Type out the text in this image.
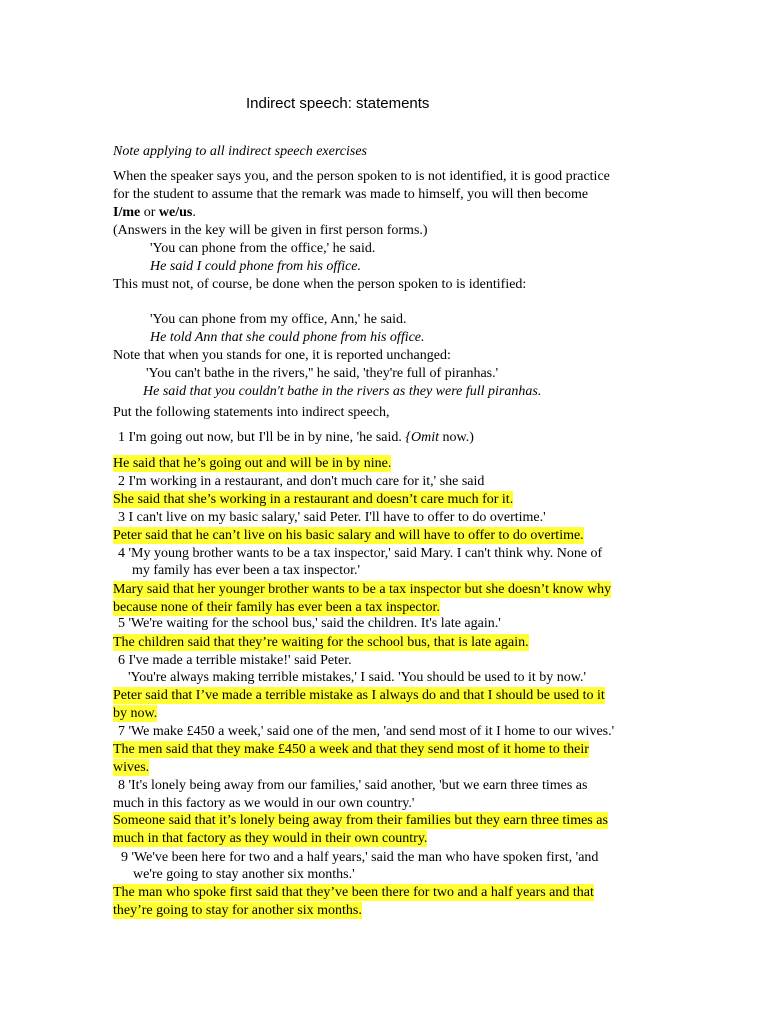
Indirect speech: statements
Note applying to all indirect speech exercises
When the speaker says you, and the person spoken to is not identified, it is good practice
for the student to assume that the remark was made to himself, you will then become
I/me or we/us.
(Answers in the key will be given in first person forms.)
'You can phone from the office,' he said.
He said I could phone from his office.
This must not, of course, be done when the person spoken to is identified:
'You can phone from my office, Ann,' he said.
He told Ann that she could phone from his office.
Note that when you stands for one, it is reported unchanged:
'You can't bathe in the rivers,'' he said, 'they're full of piranhas.'
He said that you couldn't bathe in the rivers as they were full piranhas.
Put the following statements into indirect speech,
1 I'm going out now, but I'll be in by nine, 'he said. {Omit now.)
He said that he’s going out and will be in by nine.
2 I'm working in a restaurant, and don't much care for it,' she said
She said that she’s working in a restaurant and doesn’t care much for it.
3 I can't live on my basic salary,' said Peter. I'll have to offer to do overtime.'
Peter said that he can’t live on his basic salary and will have to offer to do overtime.
4 'My young brother wants to be a tax inspector,' said Mary. I can't think why. None of
my family has ever been a tax inspector.'
Mary said that her younger brother wants to be a tax inspector but she doesn’t know why
because none of their family has ever been a tax inspector.
5 'We're waiting for the school bus,' said the children. It's late again.'
The children said that they’re waiting for the school bus, that is late again.
6 I've made a terrible mistake!' said Peter.
'You're always making terrible mistakes,' I said. 'You should be used to it by now.'
Peter said that I’ve made a terrible mistake as I always do and that I should be used to it
by now.
7 'We make £450 a week,' said one of the men, 'and send most of it I home to our wives.'
The men said that they make £450 a week and that they send most of it home to their
wives.
8 'It's lonely being away from our families,' said another, 'but we earn three times as
much in this factory as we would in our own country.'
Someone said that it’s lonely being away from their families but they earn three times as
much in that factory as they would in their own country.
9 'We've been here for two and a half years,' said the man who have spoken first, 'and
we're going to stay another six months.'
The man who spoke first said that they’ve been there for two and a half years and that
they’re going to stay for another six months.
